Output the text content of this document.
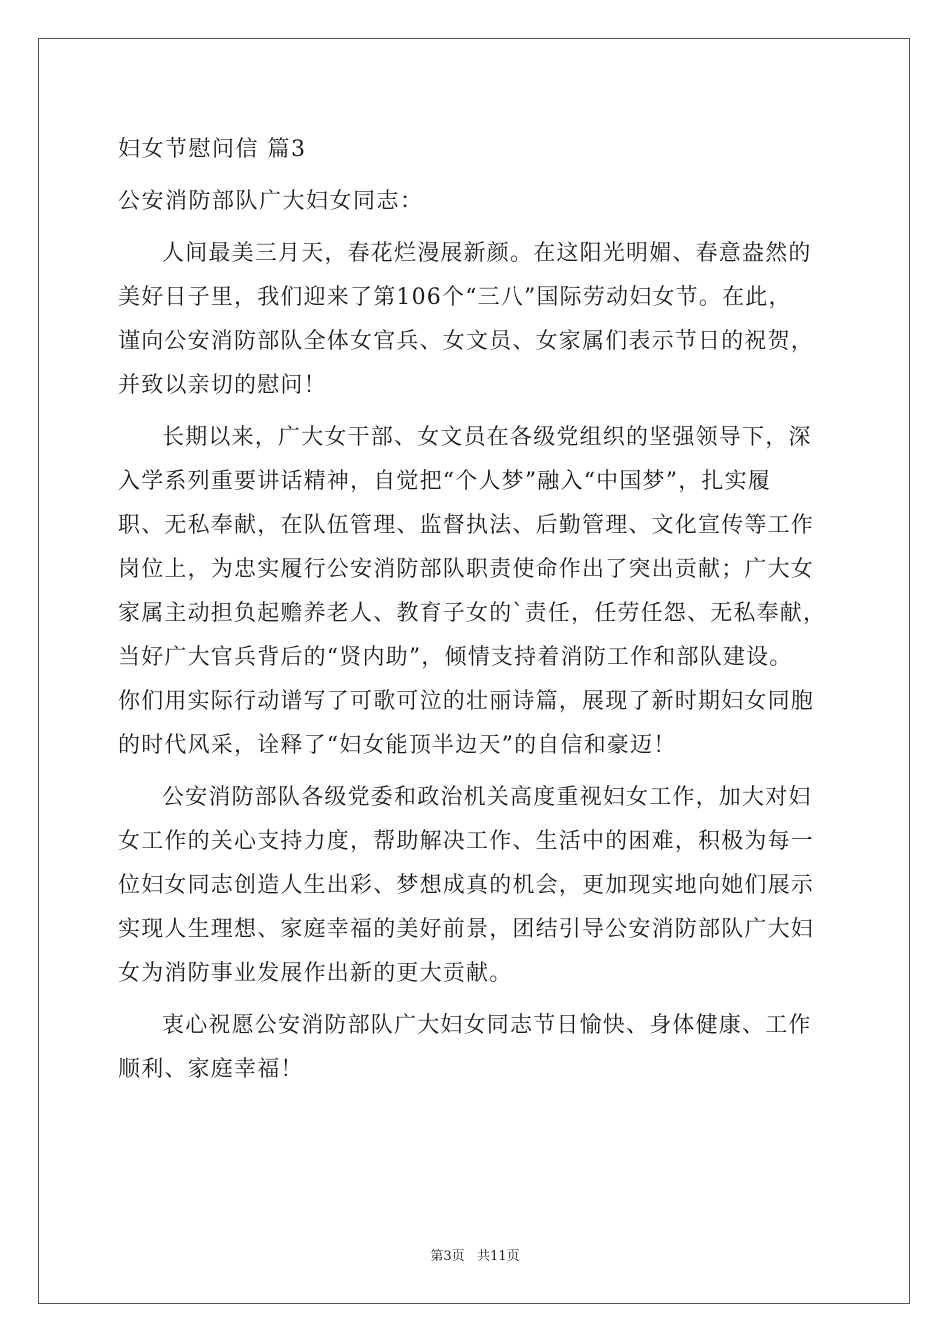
妇女节慰问信 篇3

公安消防部队广大妇女同志：

人间最美三月天，春花烂漫展新颜。在这阳光明媚、春意盎然的

美好日子里，我们迎来了第106个“三八”国际劳动妇女节。在此，

谨向公安消防部队全体女官兵、女文员、女家属们表示节日的祝贺，

并致以亲切的慰问！

长期以来，广大女干部、女文员在各级党组织的坚强领导下，深

入学系列重要讲话精神，自觉把“个人梦”融入“中国梦”，扎实履

职、无私奉献，在队伍管理、监督执法、后勤管理、文化宣传等工作

岗位上，为忠实履行公安消防部队职责使命作出了突出贡献；广大女

家属主动担负起赡养老人、教育子女的`责任，任劳任怨、无私奉献，

当好广大官兵背后的“贤内助”，倾情支持着消防工作和部队建设。

你们用实际行动谱写了可歌可泣的壮丽诗篇，展现了新时期妇女同胞

的时代风采，诠释了“妇女能顶半边天”的自信和豪迈！

公安消防部队各级党委和政治机关高度重视妇女工作，加大对妇

女工作的关心支持力度，帮助解决工作、生活中的困难，积极为每一

位妇女同志创造人生出彩、梦想成真的机会，更加现实地向她们展示

实现人生理想、家庭幸福的美好前景，团结引导公安消防部队广大妇

女为消防事业发展作出新的更大贡献。

衷心祝愿公安消防部队广大妇女同志节日愉快、身体健康、工作

顺利、家庭幸福！

第3页 共11页
